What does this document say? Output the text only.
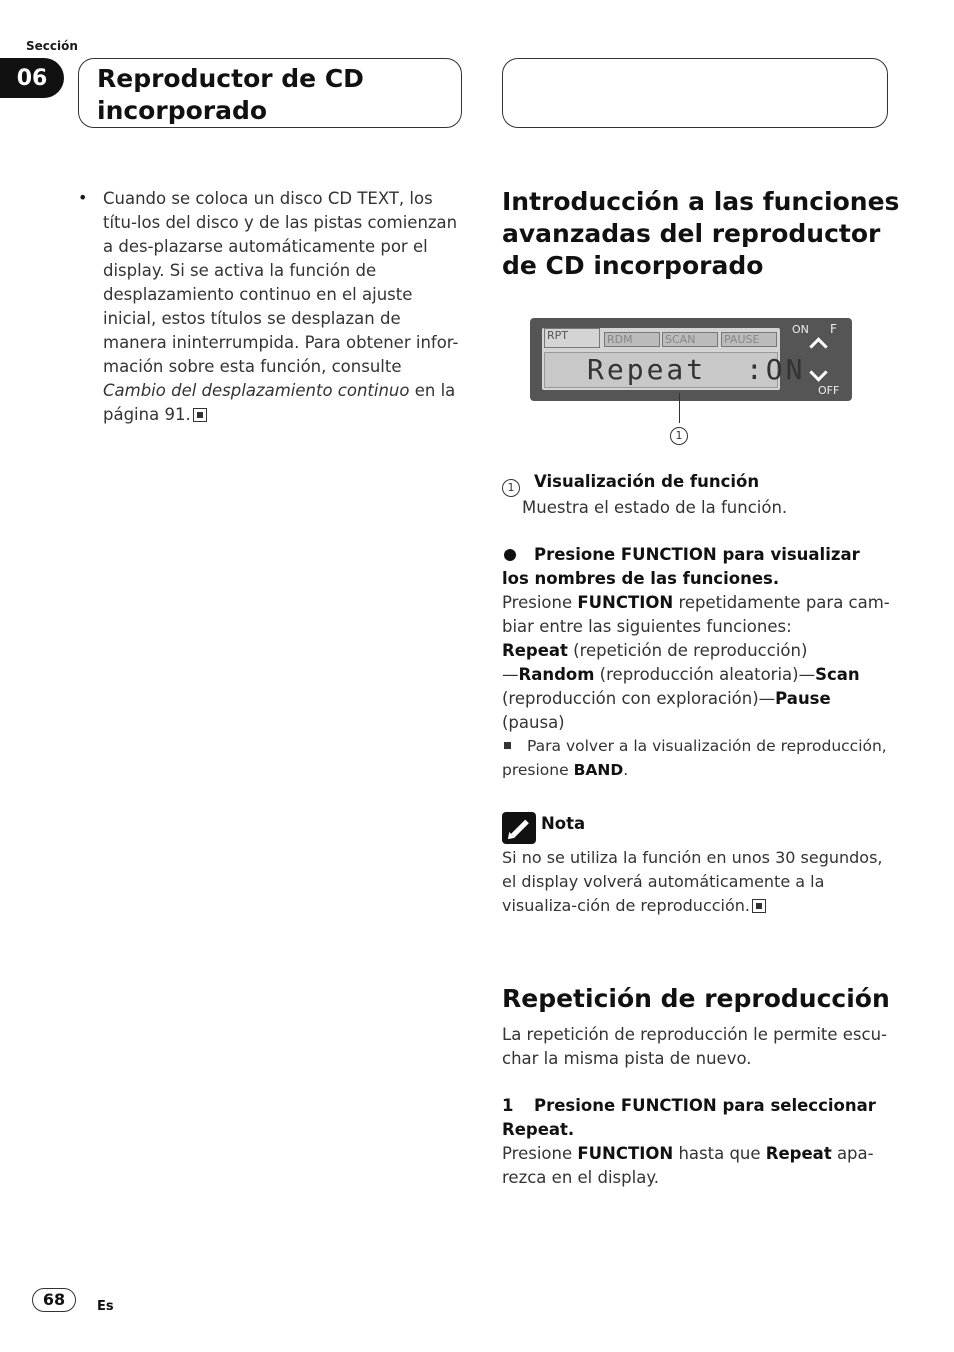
Sección
06	Reproductor de CD
incorporado
• Cuando se coloca un disco CD TEXT, los títu-los del disco y de las pistas comienzan a des-plazarse automáticamente por el display. Si se activa la función de desplazamiento continuo en el ajuste inicial, estos títulos se desplazan de manera ininterrumpida. Para obtener infor-mación sobre esta función, consulte Cambio del desplazamiento continuo en la página 91.
Introducción a las funciones avanzadas del reproductor de CD incorporado
RPT	RDM	SCAN	PAUSE
Repeat  :ON
ON F
OFF
1
1	Visualización de función
Muestra el estado de la función.
Presione FUNCTION para visualizar los nombres de las funciones.
Presione FUNCTION repetidamente para cam-biar entre las siguientes funciones:
Repeat (repetición de reproducción)
—Random (reproducción aleatoria)—Scan
(reproducción con exploración)—Pause
(pausa)
Para volver a la visualización de reproducción, presione BAND.
Nota
Si no se utiliza la función en unos 30 segundos, el display volverá automáticamente a la visualiza-ción de reproducción.
Repetición de reproducción
La repetición de reproducción le permite escu-char la misma pista de nuevo.
1	Presione FUNCTION para seleccionar Repeat.
Presione FUNCTION hasta que Repeat apa-rezca en el display.
68	Es
